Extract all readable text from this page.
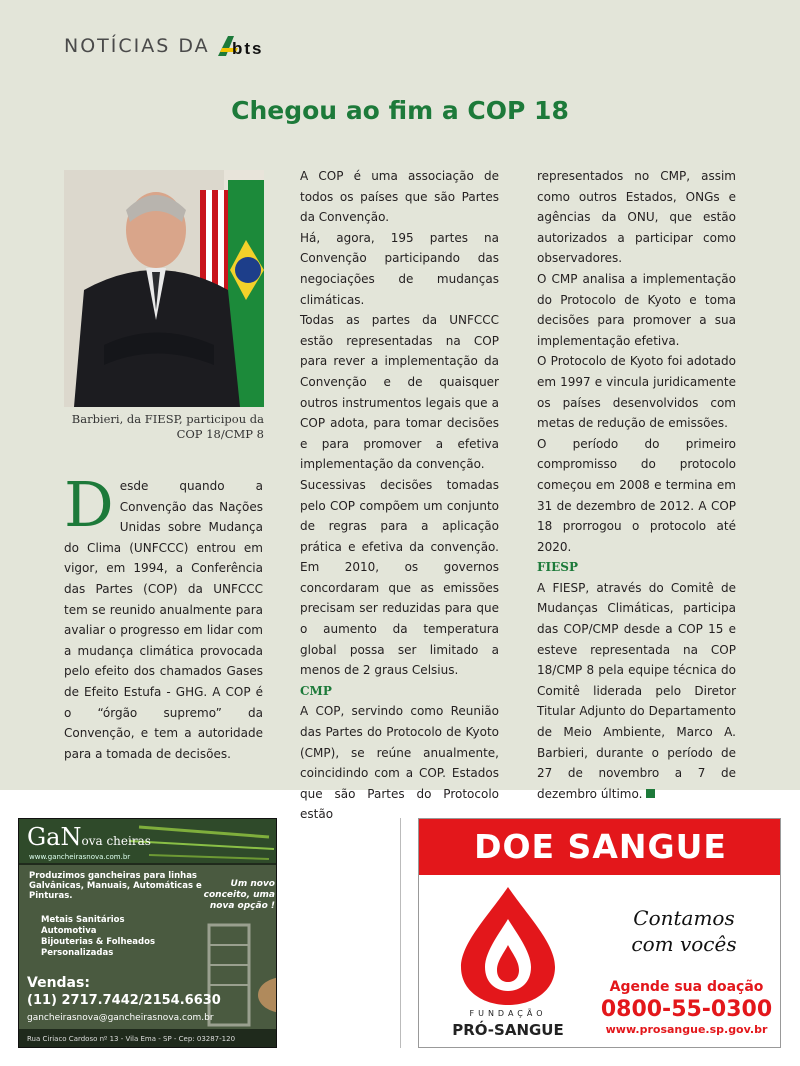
NOTÍCIAS DA bts
Chegou ao fim a COP 18
Barbieri, da FIESP, participou da COP 18/CMP 8
D esde quando a Convenção das Nações Unidas sobre Mudança do Clima (UNFCCC) entrou em vigor, em 1994, a Conferência das Partes (COP) da UNFCCC tem se reunido anualmente para avaliar o progresso em lidar com a mudança climática provocada pelo efeito dos chamados Gases de Efeito Estufa - GHG. A COP é o “órgão supremo” da Convenção, e tem a autoridade para a tomada de decisões.

A COP é uma associação de todos os países que são Partes da Convenção.

Há, agora, 195 partes na Convenção participando das negociações de mudanças climáticas.

Todas as partes da UNFCCC estão representadas na COP para rever a implementação da Convenção e de quaisquer outros instrumentos legais que a COP adota, para tomar decisões e para promover a efetiva implementação da convenção.

Sucessivas decisões tomadas pelo COP compõem um conjunto de regras para a aplicação prática e efetiva da convenção. Em 2010, os governos concordaram que as emissões precisam ser reduzidas para que o aumento da temperatura global possa ser limitado a menos de 2 graus Celsius.

CMP

A COP, servindo como Reunião das Partes do Protocolo de Kyoto (CMP), se reúne anualmente, coincidindo com a COP. Estados que são Partes do Protocolo estão

representados no CMP, assim como outros Estados, ONGs e agências da ONU, que estão autorizados a participar como observadores.

O CMP analisa a implementação do Protocolo de Kyoto e toma decisões para promover a sua implementação efetiva.

O Protocolo de Kyoto foi adotado em 1997 e vincula juridicamente os países desenvolvidos com metas de redução de emissões.

O período do primeiro compromisso do protocolo começou em 2008 e termina em 31 de dezembro de 2012. A COP 18 prorrogou o protocolo até 2020.

FIESP

A FIESP, através do Comitê de Mudanças Climáticas, participa das COP/CMP desde a COP 15 e esteve representada na COP 18/CMP 8 pela equipe técnica do Comitê liderada pelo Diretor Titular Adjunto do Departamento de Meio Ambiente, Marco A. Barbieri, durante o período de 27 de novembro a 7 de dezembro último.

GaNova cheiras
www.gancheirasnova.com.br
Produzimos gancheiras para linhas Galvânicas, Manuais, Automáticas e Pinturas.
Metais Sanitários
Automotiva
Bijouterias & Folheados
Personalizadas
Um novo conceito, uma nova opção !
Vendas:
(11) 2717.7442/2154.6630
gancheirasnova@gancheirasnova.com.br
Rua Ciriaco Cardoso nº 13 - Vila Ema - SP - Cep: 03287-120
DOE SANGUE
FUNDAÇÃO
PRÓ-SANGUE
Contamos
com vocês
Agende sua doação
0800-55-0300
www.prosangue.sp.gov.br
